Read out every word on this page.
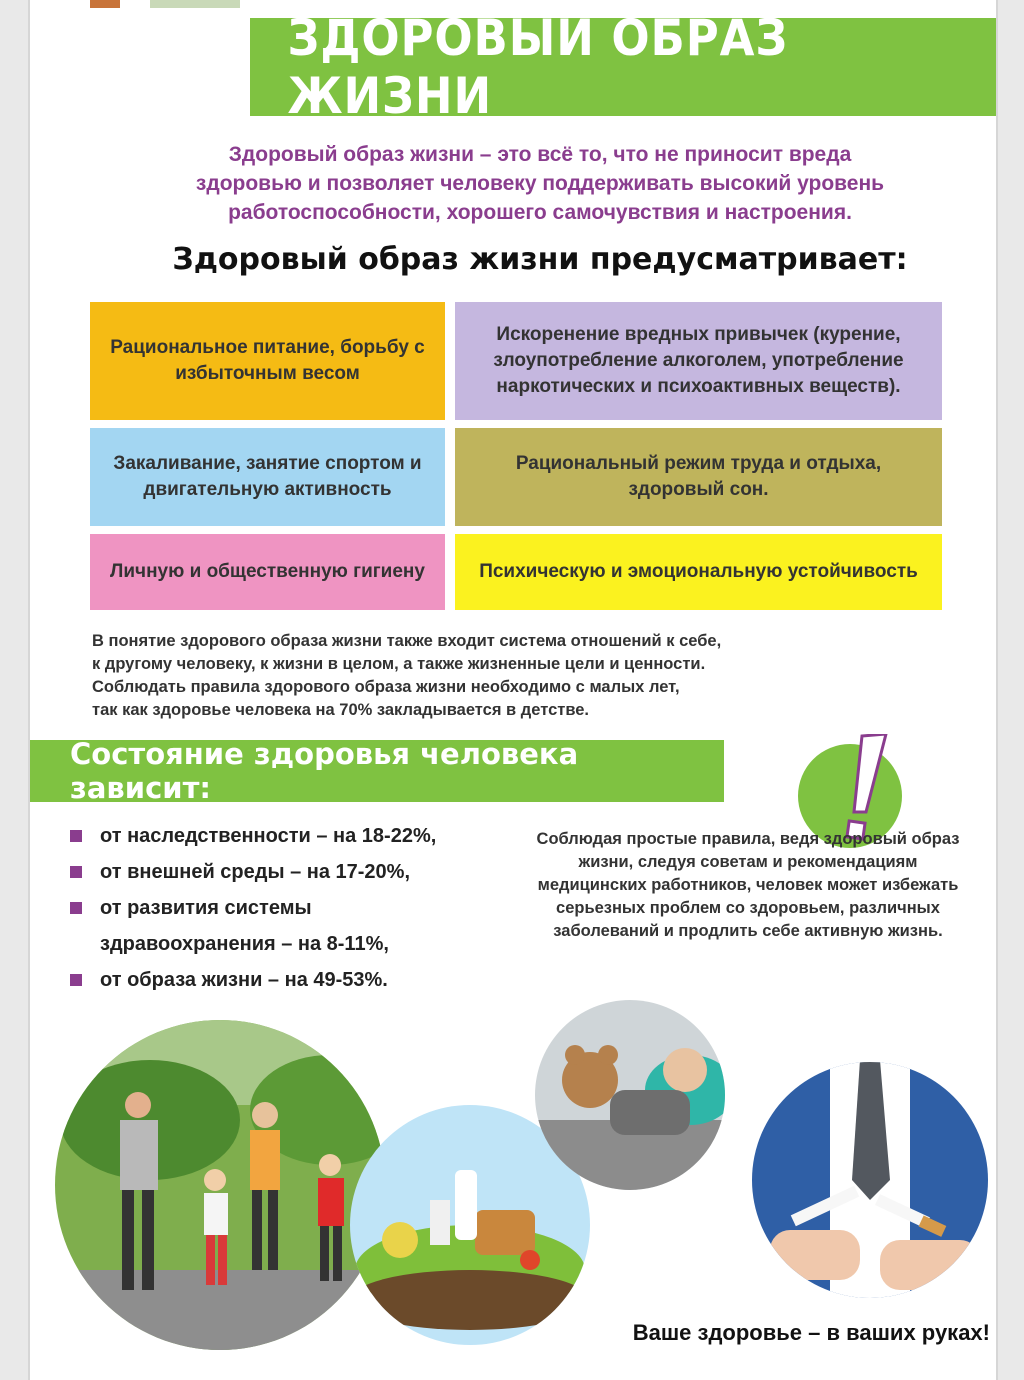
ЗДОРОВЫЙ ОБРАЗ ЖИЗНИ
Здоровый образ жизни – это всё то, что не приносит вреда
здоровью и позволяет человеку поддерживать высокий уровень
работоспособности, хорошего самочувствия и настроения.
Здоровый образ жизни предусматривает:
Рациональное питание, борьбу с избыточным весом
Искоренение вредных привычек (курение, злоупотребление алкоголем, употребление наркотических и психоактивных веществ).
Закаливание, занятие спортом и двигательную активность
Рациональный режим труда и отдыха, здоровый сон.
Личную и общественную гигиену	Психическую и эмоциональную устойчивость
В понятие здорового образа жизни также входит система отношений к себе,
к другому человеку, к жизни в целом, а также жизненные цели и ценности.
Соблюдать правила здорового образа жизни необходимо с малых лет,
так как здоровье человека на 70% закладывается в детстве.
Состояние здоровья человека зависит:
от наследственности – на 18-22%,
от внешней среды – на 17-20%,
от развития системы здравоохранения – на 8-11%,
от образа жизни – на 49-53%.
Соблюдая простые правила, ведя здоровый образ жизни, следуя советам и рекомендациям медицинских работников, человек может избежать серьезных проблем со здоровьем, различных заболеваний и продлить себе активную жизнь.
Ваше здоровье – в ваших руках!
